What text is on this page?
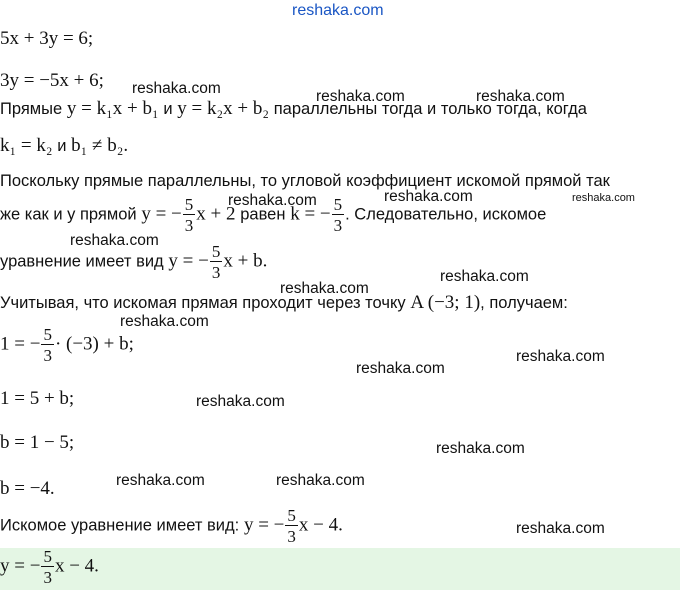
reshaka.com
5x + 3y = 6;
3y = −5x + 6; reshaka.com	reshaka.com	reshaka.com
Прямые y = k₁x + b₁ и y = k₂x + b₂ параллельны тогда и только тогда, когда
k₁ = k₂ и b₁ ≠ b₂.
Поскольку прямые параллельны, то угловой коэффициент искомой прямой так
reshaka.com	reshaka.com	reshaka.com
же как и у прямой y = − $\frac{5}{3}$ x + 2 равен k = − $\frac{5}{3}$ . Следовательно, искомое
reshaka.com
уравнение имеет вид y = − $\frac{5}{3}$ x + b.
reshaka.com
reshaka.com
Учитывая, что искомая прямая проходит через точку A (−3; 1), получаем:
reshaka.com
1 = − $\frac{5}{3} \cdot (-3) + b$;
reshaka.com
reshaka.com
1 = 5 + b;	reshaka.com
b = 1 − 5;	reshaka.com
b = −4.	reshaka.com	reshaka.com
Искомое уравнение имеет вид: y = − $\frac{5}{3}$ x − 4.	reshaka.com
y = − $\frac{5}{3}$ x − 4.
